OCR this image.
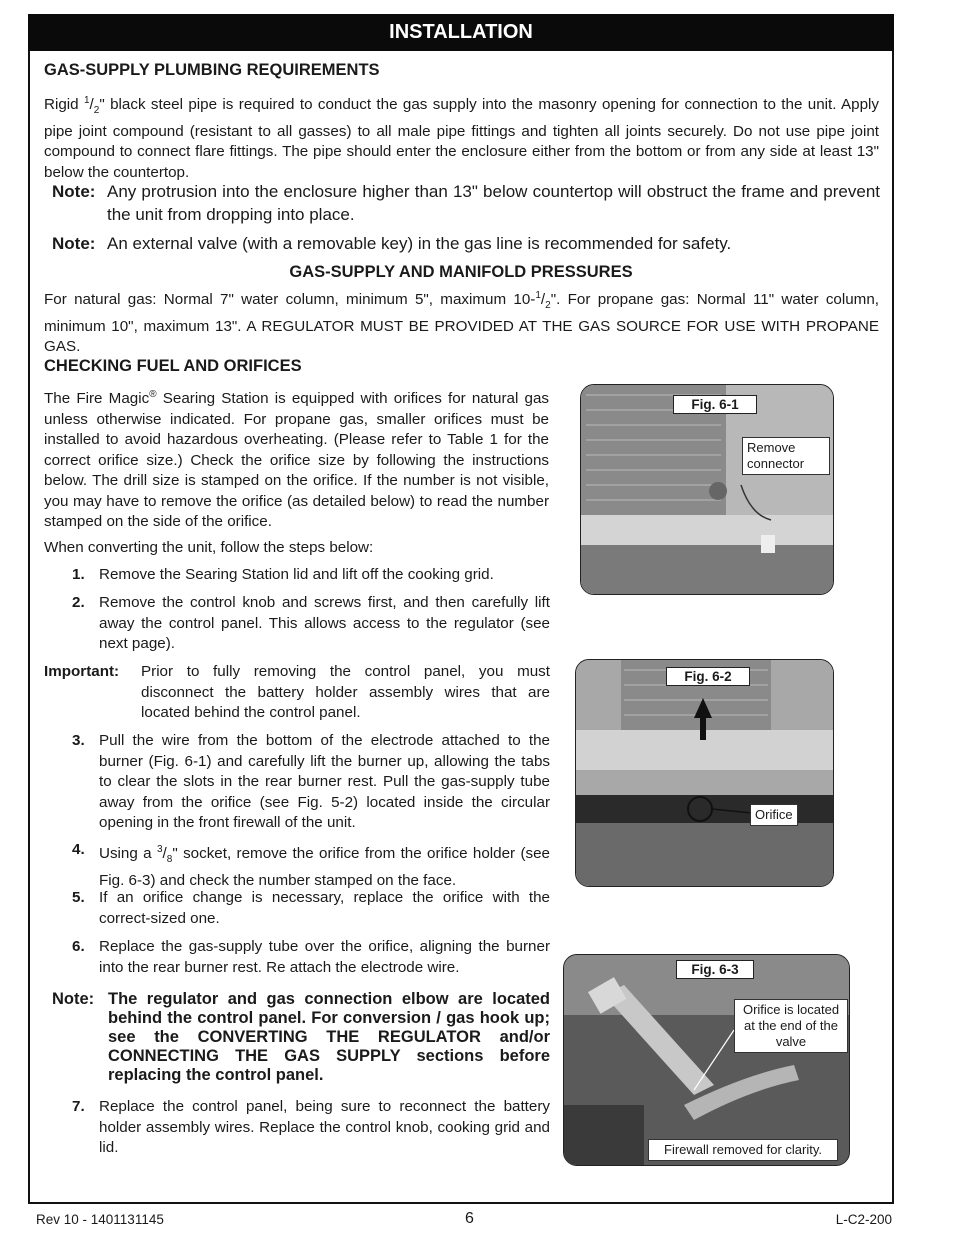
INSTALLATION
GAS-SUPPLY PLUMBING REQUIREMENTS
Rigid $^1/_2$" black steel pipe is required to conduct the gas supply into the masonry opening for connection to the unit. Apply pipe joint compound (resistant to all gasses) to all male pipe fittings and tighten all joints securely. Do not use pipe joint compound to connect flare fittings. The pipe should enter the enclosure either from the bottom or from any side at least 13" below the countertop.
Note: Any protrusion into the enclosure higher than 13" below countertop will obstruct the frame and prevent the unit from dropping into place.
Note: An external valve (with a removable key) in the gas line is recommended for safety.
GAS-SUPPLY AND MANIFOLD PRESSURES
For natural gas: Normal 7" water column, minimum 5", maximum $10-^1/_2$". For propane gas: Normal 11" water column, minimum 10", maximum 13". A REGULATOR MUST BE PROVIDED AT THE GAS SOURCE FOR USE WITH PROPANE GAS.
CHECKING FUEL AND ORIFICES
The Fire Magic® Searing Station is equipped with orifices for natural gas unless otherwise indicated. For propane gas, smaller orifices must be installed to avoid hazardous overheating. (Please refer to Table 1 for the correct orifice size.) Check the orifice size by following the instructions below. The drill size is stamped on the orifice. If the number is not visible, you may have to remove the orifice (as detailed below) to read the number stamped on the side of the orifice.
When converting the unit, follow the steps below:
1. Remove the Searing Station lid and lift off the cooking grid.
2. Remove the control knob and screws first, and then carefully lift away the control panel. This allows access to the regulator (see next page).
Important: Prior to fully removing the control panel, you must disconnect the battery holder assembly wires that are located behind the control panel.
3. Pull the wire from the bottom of the electrode attached to the burner (Fig. 6-1) and carefully lift the burner up, allowing the tabs to clear the slots in the rear burner rest. Pull the gas-supply tube away from the orifice (see Fig. 5-2) located inside the circular opening in the front firewall of the unit.
4. Using a $^3/_8$" socket, remove the orifice from the orifice holder (see Fig. 6-3) and check the number stamped on the face.
5. If an orifice change is necessary, replace the orifice with the correct-sized one.
6. Replace the gas-supply tube over the orifice, aligning the burner into the rear burner rest. Re attach the electrode wire.
Note: The regulator and gas connection elbow are located behind the control panel. For conversion / gas hook up; see the CONVERTING THE REGULATOR and/or CONNECTING THE GAS SUPPLY sections before replacing the control panel.
7. Replace the control panel, being sure to reconnect the battery holder assembly wires. Replace the control knob, cooking grid and lid.
Fig. 6-1
Remove connector
Fig. 6-2
Orifice
Fig. 6-3
Orifice is located at the end of the valve
Firewall removed for clarity.
Rev 10 - 1401131145	6	L-C2-200
